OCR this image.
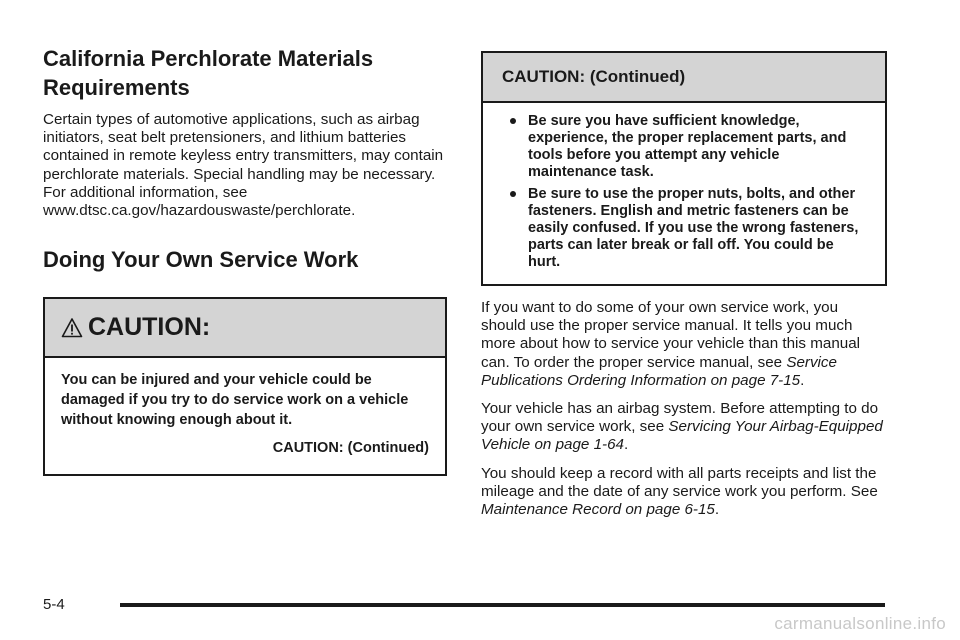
California Perchlorate Materials Requirements

Certain types of automotive applications, such as airbag initiators, seat belt pretensioners, and lithium batteries contained in remote keyless entry transmitters, may contain perchlorate materials. Special handling may be necessary. For additional information, see www.dtsc.ca.gov/hazardouswaste/perchlorate.

Doing Your Own Service Work
CAUTION:
You can be injured and your vehicle could be damaged if you try to do service work on a vehicle without knowing enough about it.
CAUTION: (Continued)
CAUTION: (Continued)
Be sure you have sufficient knowledge, experience, the proper replacement parts, and tools before you attempt any vehicle maintenance task.
Be sure to use the proper nuts, bolts, and other fasteners. English and metric fasteners can be easily confused. If you use the wrong fasteners, parts can later break or fall off. You could be hurt.

If you want to do some of your own service work, you should use the proper service manual. It tells you much more about how to service your vehicle than this manual can. To order the proper service manual, see Service Publications Ordering Information on page 7-15.

Your vehicle has an airbag system. Before attempting to do your own service work, see Servicing Your Airbag-Equipped Vehicle on page 1-64.

You should keep a record with all parts receipts and list the mileage and the date of any service work you perform. See Maintenance Record on page 6-15.

5-4
carmanualsonline.info
